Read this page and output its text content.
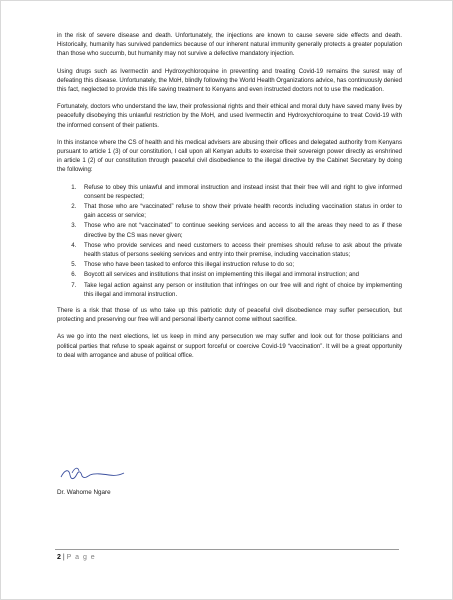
in the risk of severe disease and death. Unfortunately, the injections are known to cause severe side effects and death. Historically, humanity has survived pandemics because of our inherent natural immunity generally protects a greater population than those who succumb, but humanity may not survive a defective mandatory injection.

Using drugs such as Ivermectin and Hydroxychloroquine in preventing and treating Covid-19 remains the surest way of defeating this disease. Unfortunately, the MoH, blindly following the World Health Organizations advice, has continuously denied this fact, neglected to provide this life saving treatment to Kenyans and even instructed doctors not to use the medication.

Fortunately, doctors who understand the law, their professional rights and their ethical and moral duty have saved many lives by peacefully disobeying this unlawful restriction by the MoH, and used Ivermectin and Hydroxychloroquine to treat Covid-19 with the informed consent of their patients.

In this instance where the CS of health and his medical advisers are abusing their offices and delegated authority from Kenyans pursuant to article 1 (3) of our constitution, I call upon all Kenyan adults to exercise their sovereign power directly as enshrined in article 1 (2) of our constitution through peaceful civil disobedience to the illegal directive by the Cabinet Secretary by doing the following:

1. Refuse to obey this unlawful and immoral instruction and instead insist that their free will and right to give informed consent be respected;
2. That those who are “vaccinated” refuse to show their private health records including vaccination status in order to gain access or service;
3. Those who are not “vaccinated” to continue seeking services and access to all the areas they need to as if these directive by the CS was never given;
4. Those who provide services and need customers to access their premises should refuse to ask about the private health status of persons seeking services and entry into their premise, including vaccination status;
5. Those who have been tasked to enforce this illegal instruction refuse to do so;
6. Boycott all services and institutions that insist on implementing this illegal and immoral instruction; and
7. Take legal action against any person or institution that infringes on our free will and right of choice by implementing this illegal and immoral instruction.

There is a risk that those of us who take up this patriotic duty of peaceful civil disobedience may suffer persecution, but protecting and preserving our free will and personal liberty cannot come without sacrifice.

As we go into the next elections, let us keep in mind any persecution we may suffer and look out for those politicians and political parties that refuse to speak against or support forceful or coercive Covid-19 “vaccination”. It will be a great opportunity to deal with arrogance and abuse of political office.

Dr. Wahome Ngare
2 | P a g e
